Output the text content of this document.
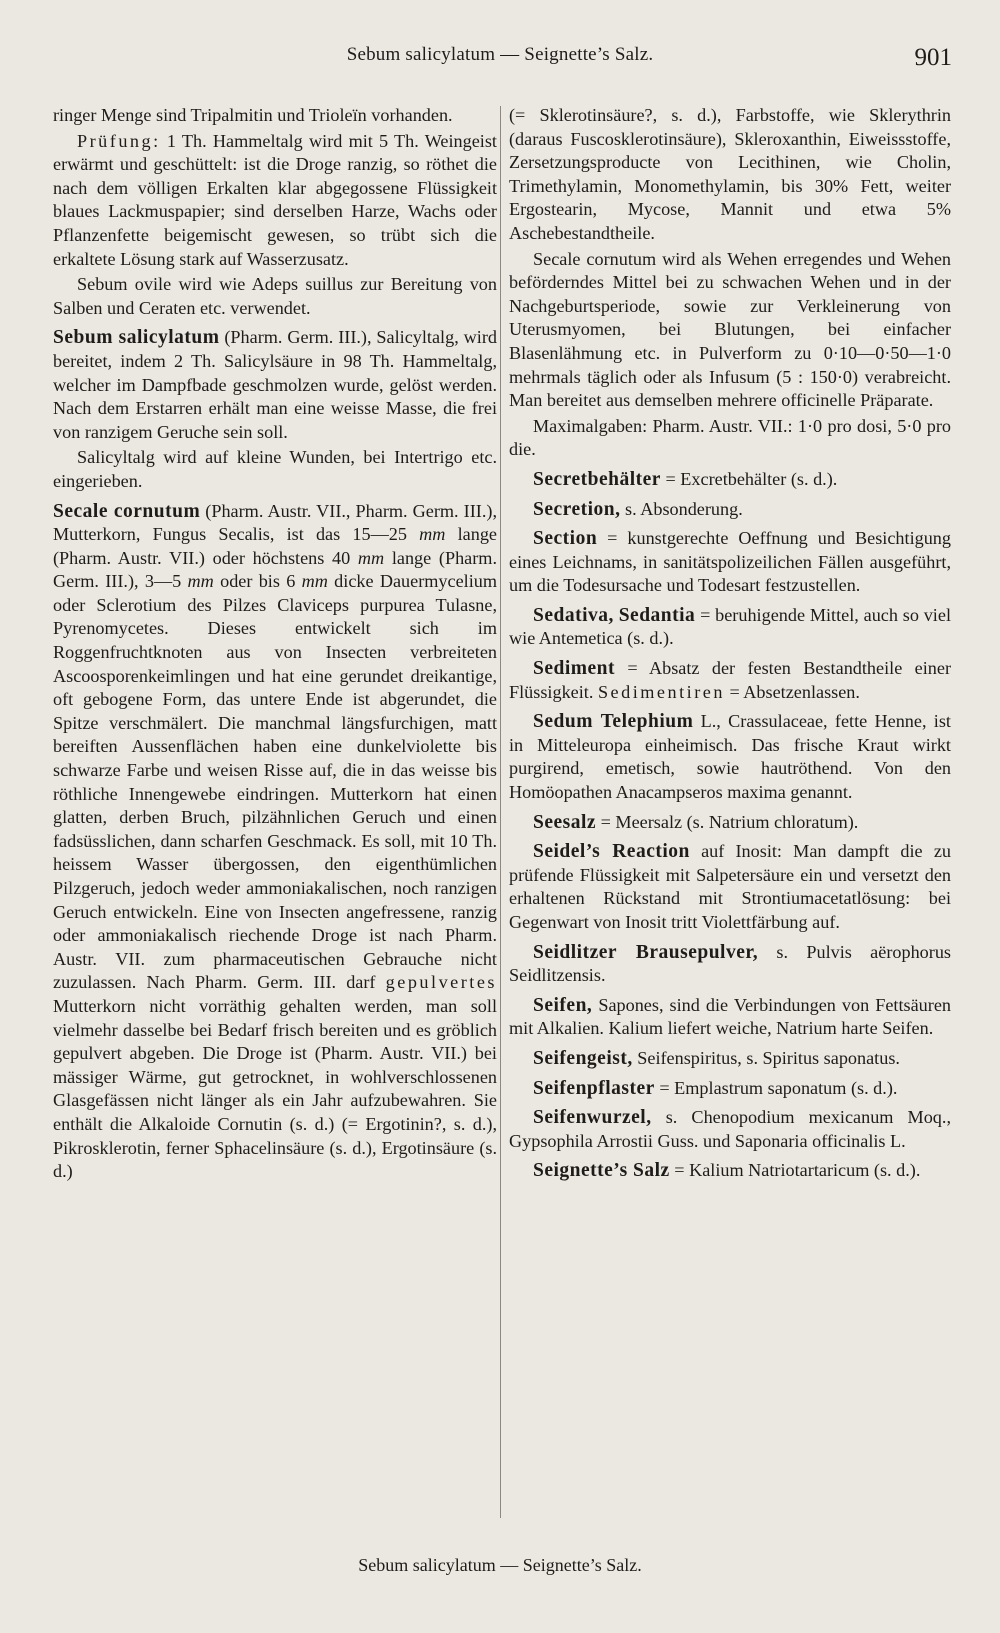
Sebum salicylatum — Seignette’s Salz.	901

ringer Menge sind Tripalmitin und Trioleïn vorhanden.

Prüfung: 1 Th. Hammeltalg wird mit 5 Th. Weingeist erwärmt und geschüttelt: ist die Droge ranzig, so röthet die nach dem völligen Erkalten klar abgegossene Flüssigkeit blaues Lackmuspapier; sind derselben Harze, Wachs oder Pflanzenfette beigemischt gewesen, so trübt sich die erkaltete Lösung stark auf Wasserzusatz.

Sebum ovile wird wie Adeps suillus zur Bereitung von Salben und Ceraten etc. verwendet.

Sebum salicylatum (Pharm. Germ. III.), Salicyltalg, wird bereitet, indem 2 Th. Salicylsäure in 98 Th. Hammeltalg, welcher im Dampfbade geschmolzen wurde, gelöst werden. Nach dem Erstarren erhält man eine weisse Masse, die frei von ranzigem Geruche sein soll.

Salicyltalg wird auf kleine Wunden, bei Intertrigo etc. eingerieben.

Secale cornutum (Pharm. Austr. VII., Pharm. Germ. III.), Mutterkorn, Fungus Secalis, ist das 15—25 mm lange (Pharm. Austr. VII.) oder höchstens 40 mm lange (Pharm. Germ. III.), 3—5 mm oder bis 6 mm dicke Dauermycelium oder Sclerotium des Pilzes Claviceps purpurea Tulasne, Pyrenomycetes. Dieses entwickelt sich im Roggenfruchtknoten aus von Insecten verbreiteten Ascoosporenkeimlingen und hat eine gerundet dreikantige, oft gebogene Form, das untere Ende ist abgerundet, die Spitze verschmälert. Die manchmal längsfurchigen, matt bereiften Aussenflächen haben eine dunkelviolette bis schwarze Farbe und weisen Risse auf, die in das weisse bis röthliche Innengewebe eindringen. Mutterkorn hat einen glatten, derben Bruch, pilzähnlichen Geruch und einen fadsüsslichen, dann scharfen Geschmack. Es soll, mit 10 Th. heissem Wasser übergossen, den eigenthümlichen Pilzgeruch, jedoch weder ammoniakalischen, noch ranzigen Geruch entwickeln. Eine von Insecten angefressene, ranzig oder ammoniakalisch riechende Droge ist nach Pharm. Austr. VII. zum pharmaceutischen Gebrauche nicht zuzulassen. Nach Pharm. Germ. III. darf gepulvertes Mutterkorn nicht vorräthig gehalten werden, man soll vielmehr dasselbe bei Bedarf frisch bereiten und es gröblich gepulvert abgeben. Die Droge ist (Pharm. Austr. VII.) bei mässiger Wärme, gut getrocknet, in wohlverschlossenen Glasgefässen nicht länger als ein Jahr aufzubewahren. Sie enthält die Alkaloide Cornutin (s. d.) (= Ergotinin?, s. d.), Pikrosklerotin, ferner Sphacelinsäure (s. d.), Ergotinsäure (s. d.)

(= Sklerotinsäure?, s. d.), Farbstoffe, wie Sklerythrin (daraus Fuscosklerotinsäure), Skleroxanthin, Eiweissstoffe, Zersetzungsproducte von Lecithinen, wie Cholin, Trimethylamin, Monomethylamin, bis 30% Fett, weiter Ergostearin, Mycose, Mannit und etwa 5% Aschebestandtheile.

Secale cornutum wird als Wehen erregendes und Wehen beförderndes Mittel bei zu schwachen Wehen und in der Nachgeburtsperiode, sowie zur Verkleinerung von Uterusmyomen, bei Blutungen, bei einfacher Blasenlähmung etc. in Pulverform zu 0·10—0·50—1·0 mehrmals täglich oder als Infusum (5 : 150·0) verabreicht. Man bereitet aus demselben mehrere officinelle Präparate.

Maximalgaben: Pharm. Austr. VII.: 1·0 pro dosi, 5·0 pro die.

Secretbehälter = Excretbehälter (s. d.).

Secretion, s. Absonderung.

Section = kunstgerechte Oeffnung und Besichtigung eines Leichnams, in sanitätspolizeilichen Fällen ausgeführt, um die Todesursache und Todesart festzustellen.

Sedativa, Sedantia = beruhigende Mittel, auch so viel wie Antemetica (s. d.).

Sediment = Absatz der festen Bestandtheile einer Flüssigkeit. Sedimentiren = Absetzenlassen.

Sedum Telephium L., Crassulaceae, fette Henne, ist in Mitteleuropa einheimisch. Das frische Kraut wirkt purgirend, emetisch, sowie hautröthend. Von den Homöopathen Anacampseros maxima genannt.

Seesalz = Meersalz (s. Natrium chloratum).

Seidel’s Reaction auf Inosit: Man dampft die zu prüfende Flüssigkeit mit Salpetersäure ein und versetzt den erhaltenen Rückstand mit Strontiumacetatlösung: bei Gegenwart von Inosit tritt Violettfärbung auf.

Seidlitzer Brausepulver, s. Pulvis aërophorus Seidlitzensis.

Seifen, Sapones, sind die Verbindungen von Fettsäuren mit Alkalien. Kalium liefert weiche, Natrium harte Seifen.

Seifengeist, Seifenspiritus, s. Spiritus saponatus.

Seifenpflaster = Emplastrum saponatum (s. d.).

Seifenwurzel, s. Chenopodium mexicanum Moq., Gypsophila Arrostii Guss. und Saponaria officinalis L.

Seignette’s Salz = Kalium Natriotartaricum (s. d.).

Sebum salicylatum — Seignette’s Salz.
